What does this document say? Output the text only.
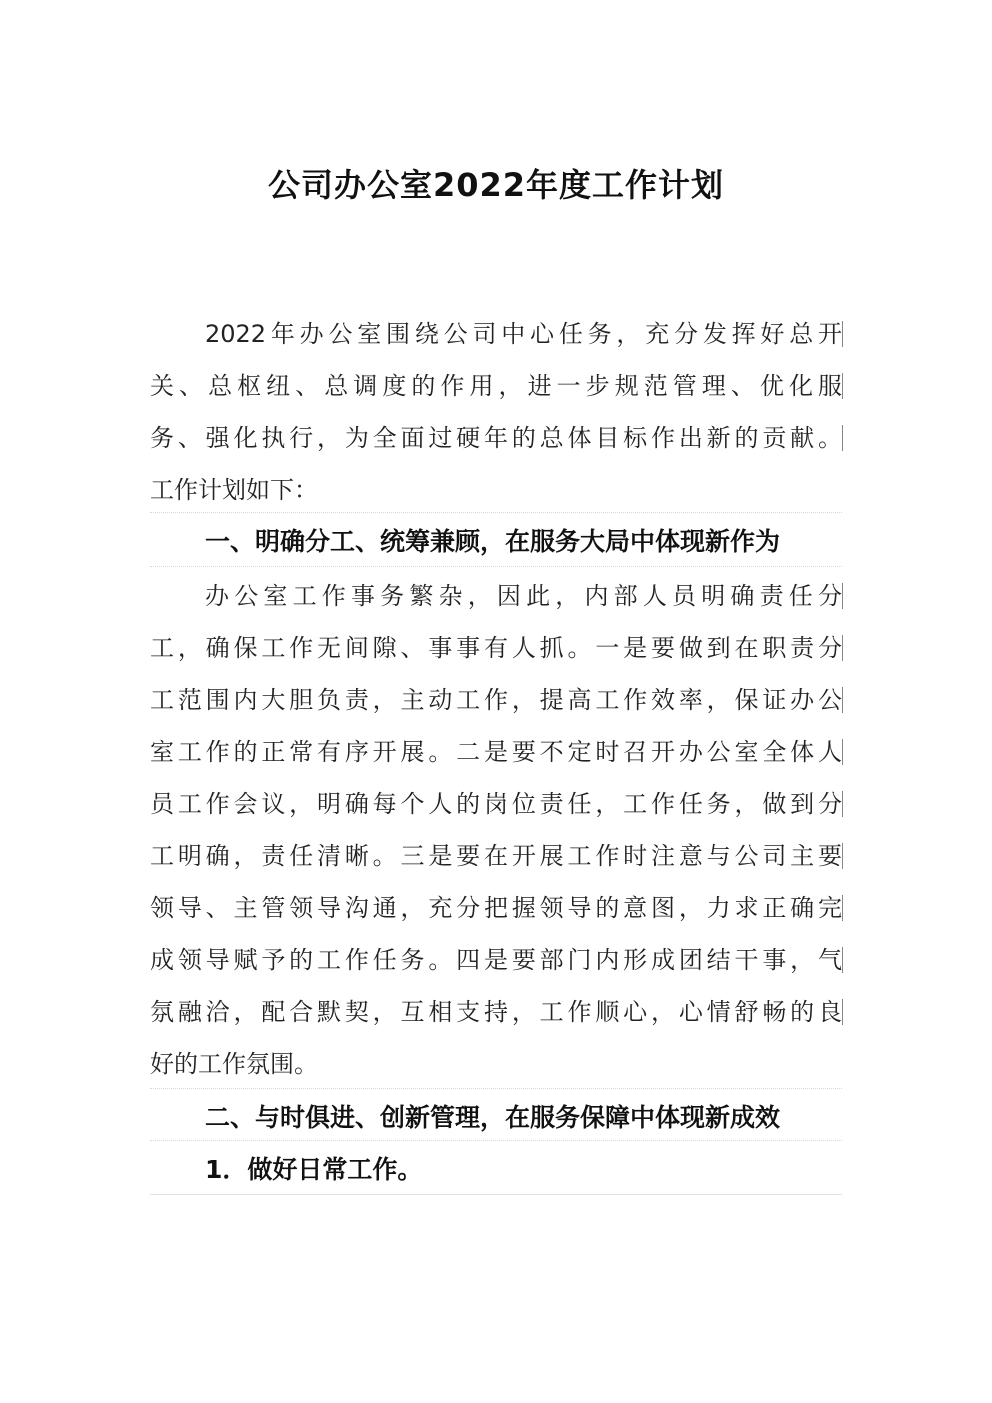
公司办公室2022年度工作计划
2022年办公室围绕公司中心任务，充分发挥好总开
关、总枢纽、总调度的作用，进一步规范管理、优化服
务、强化执行，为全面过硬年的总体目标作出新的贡献。
工作计划如下：
一、明确分工、统筹兼顾，在服务大局中体现新作为
办公室工作事务繁杂，因此，内部人员明确责任分
工，确保工作无间隙、事事有人抓。一是要做到在职责分
工范围内大胆负责，主动工作，提高工作效率，保证办公
室工作的正常有序开展。二是要不定时召开办公室全体人
员工作会议，明确每个人的岗位责任，工作任务，做到分
工明确，责任清晰。三是要在开展工作时注意与公司主要
领导、主管领导沟通，充分把握领导的意图，力求正确完
成领导赋予的工作任务。四是要部门内形成团结干事，气
氛融洽，配合默契，互相支持，工作顺心，心情舒畅的良
好的工作氛围。
二、与时俱进、创新管理，在服务保障中体现新成效
1．做好日常工作。
